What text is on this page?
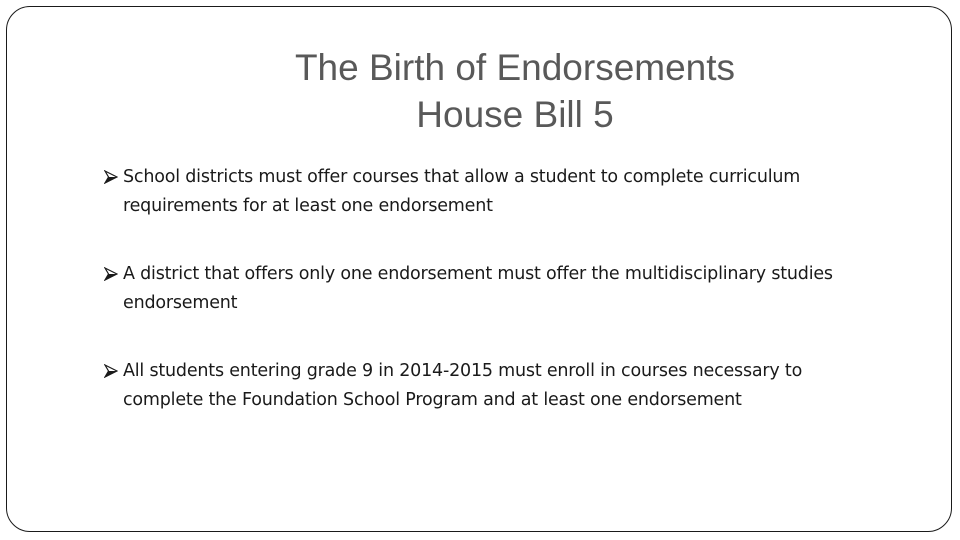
The Birth of Endorsements
House Bill 5
School districts must offer courses that allow a student to complete curriculum requirements for at least one endorsement
A district that offers only one endorsement must offer the multidisciplinary studies endorsement
All students entering grade 9 in 2014-2015 must enroll in courses necessary to complete the Foundation School Program and at least one endorsement
